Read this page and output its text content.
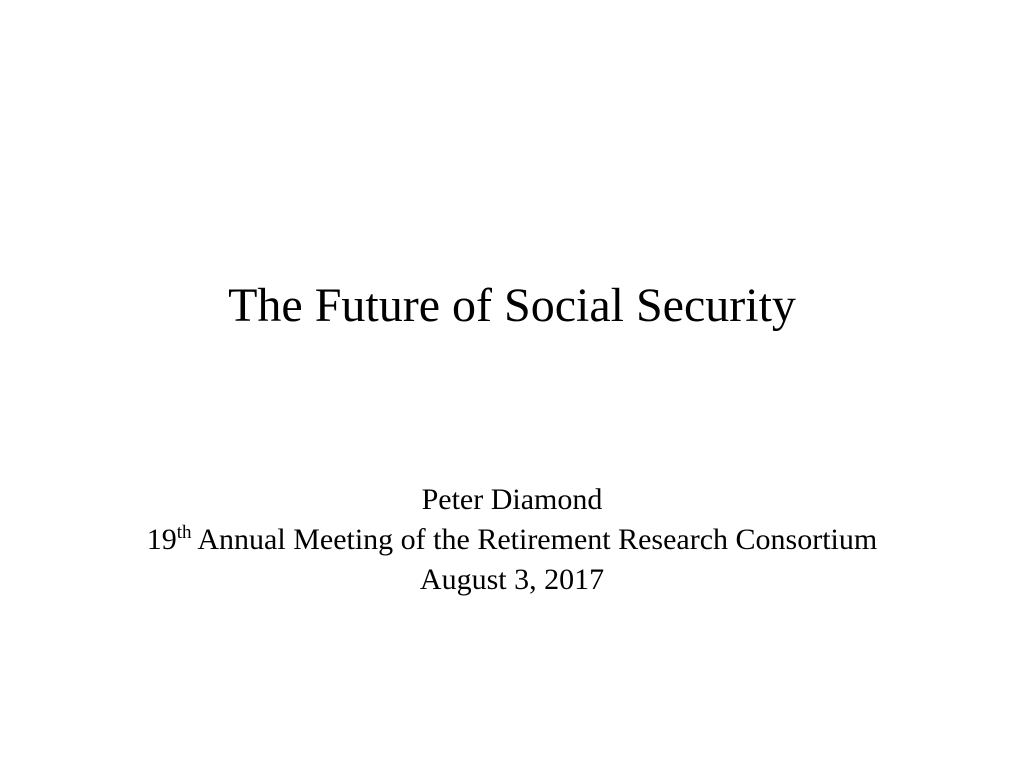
The Future of Social Security
Peter Diamond
19th Annual Meeting of the Retirement Research Consortium
August 3, 2017
